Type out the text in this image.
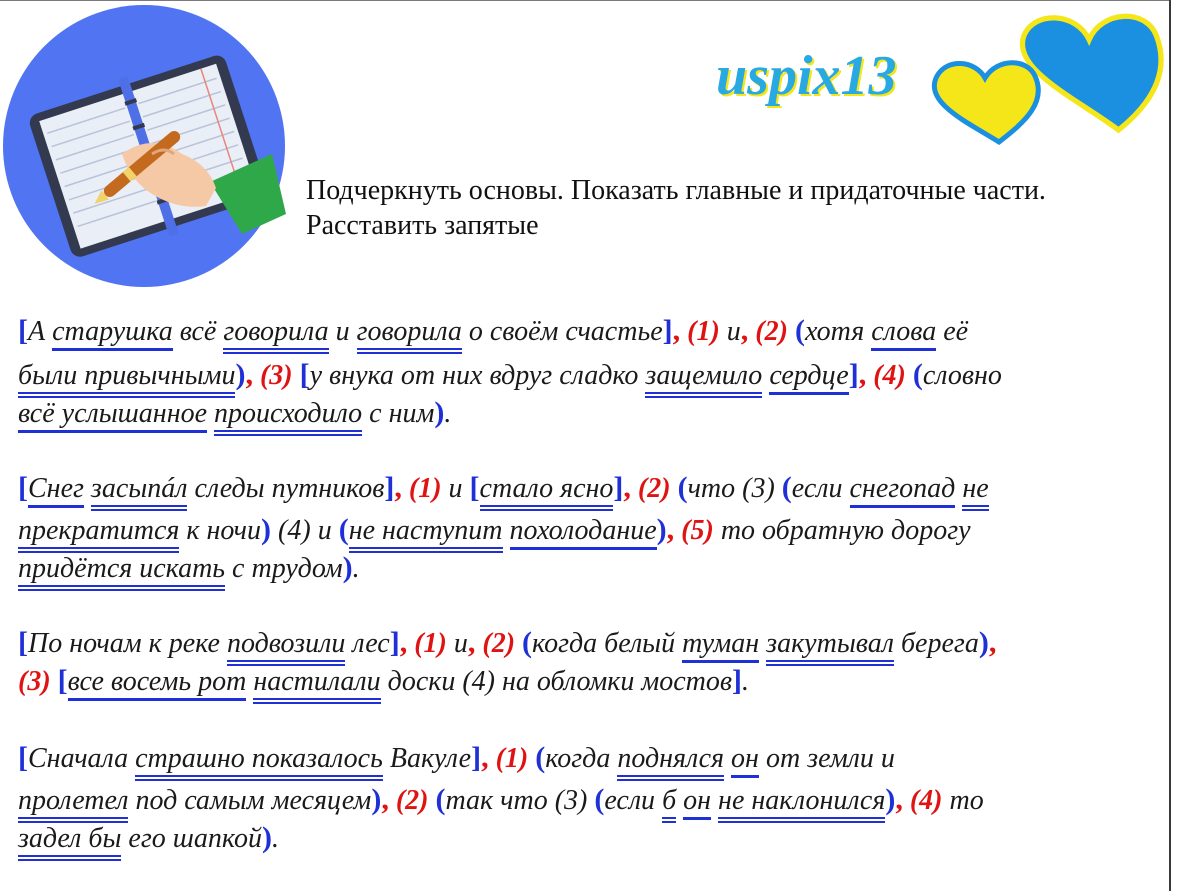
uspix13
Подчеркнуть основы. Показать главные и придаточные части.
Расставить запятые
[А старушка всё говорила и говорила о своём счастье], (1) и, (2) (хотя слова её
были привычными), (3) [у внука от них вдруг сладко защемило сердце], (4) (словно
всё услышанное происходило с ним).
[Снег засыпáл следы путников], (1) и [стало ясно], (2) (что (3) (если снегопад не
прекратится к ночи) (4) и (не наступит похолодание), (5) то обратную дорогу
придётся искать с трудом).
[По ночам к реке подвозили лес], (1) и, (2) (когда белый туман закутывал берега),
(3) [все восемь рот настилали доски (4) на обломки мостов].
[Сначала страшно показалось Вакуле], (1) (когда поднялся он от земли и
пролетел под самым месяцем), (2) (так что (3) (если б он не наклонился), (4) то
задел бы его шапкой).
